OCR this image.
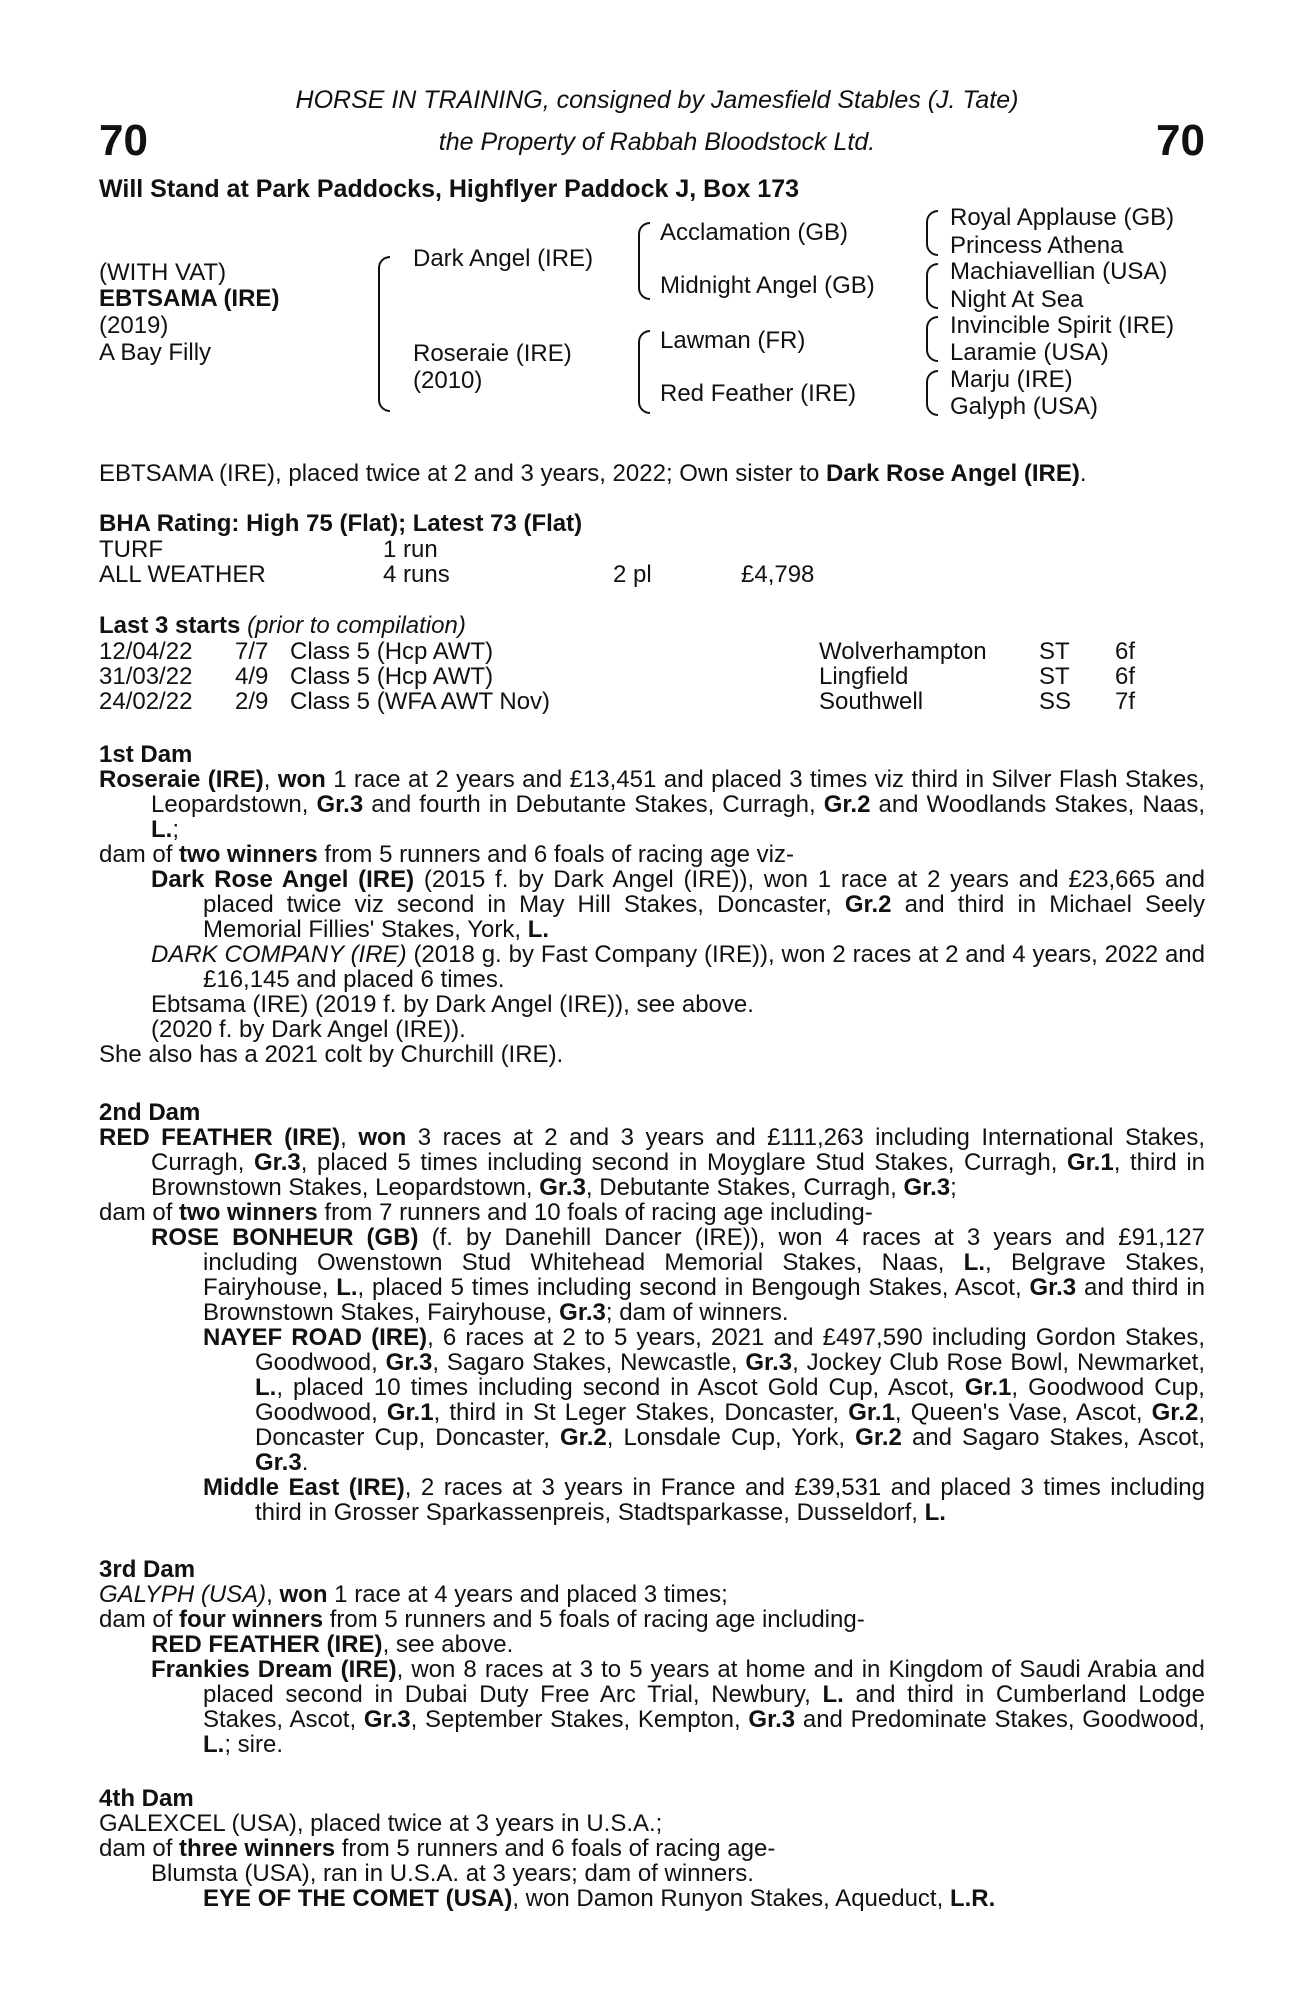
70	70
HORSE IN TRAINING, consigned by Jamesfield Stables (J. Tate)
the Property of Rabbah Bloodstock Ltd.
Will Stand at Park Paddocks, Highflyer Paddock J, Box 173
(WITH VAT)
EBTSAMA (IRE)
(2019)
A Bay Filly
Dark Angel (IRE)
Roseraie (IRE)
(2010)
Acclamation (GB)
Midnight Angel (GB)
Lawman (FR)
Red Feather (IRE)
Royal Applause (GB)
Princess Athena
Machiavellian (USA)
Night At Sea
Invincible Spirit (IRE)
Laramie (USA)
Marju (IRE)
Galyph (USA)
EBTSAMA (IRE), placed twice at 2 and 3 years, 2022; Own sister to Dark Rose Angel (IRE).
BHA Rating: High 75 (Flat); Latest 73 (Flat)
TURF	1 run
ALL WEATHER	4 runs	2 pl	£4,798
Last 3 starts (prior to compilation)
12/04/22 7/7 Class 5 (Hcp AWT)	Wolverhampton ST 6f
31/03/22 4/9 Class 5 (Hcp AWT)	Lingfield	ST 6f
24/02/22 2/9 Class 5 (WFA AWT Nov)	Southwell	SS 7f

1st Dam

Roseraie (IRE), won 1 race at 2 years and £13,451 and placed 3 times viz third in Silver Flash Stakes, Leopardstown, Gr.3 and fourth in Debutante Stakes, Curragh, Gr.2 and Woodlands Stakes, Naas, L.;

dam of two winners from 5 runners and 6 foals of racing age viz-

Dark Rose Angel (IRE) (2015 f. by Dark Angel (IRE)), won 1 race at 2 years and £23,665 and placed twice viz second in May Hill Stakes, Doncaster, Gr.2 and third in Michael Seely Memorial Fillies' Stakes, York, L.

DARK COMPANY (IRE) (2018 g. by Fast Company (IRE)), won 2 races at 2 and 4 years, 2022 and £16,145 and placed 6 times.

Ebtsama (IRE) (2019 f. by Dark Angel (IRE)), see above.

(2020 f. by Dark Angel (IRE)).

She also has a 2021 colt by Churchill (IRE).

2nd Dam

RED FEATHER (IRE), won 3 races at 2 and 3 years and £111,263 including International Stakes, Curragh, Gr.3, placed 5 times including second in Moyglare Stud Stakes, Curragh, Gr.1, third in Brownstown Stakes, Leopardstown, Gr.3, Debutante Stakes, Curragh, Gr.3;

dam of two winners from 7 runners and 10 foals of racing age including-

ROSE BONHEUR (GB) (f. by Danehill Dancer (IRE)), won 4 races at 3 years and £91,127 including Owenstown Stud Whitehead Memorial Stakes, Naas, L., Belgrave Stakes, Fairyhouse, L., placed 5 times including second in Bengough Stakes, Ascot, Gr.3 and third in Brownstown Stakes, Fairyhouse, Gr.3; dam of winners.

NAYEF ROAD (IRE), 6 races at 2 to 5 years, 2021 and £497,590 including Gordon Stakes, Goodwood, Gr.3, Sagaro Stakes, Newcastle, Gr.3, Jockey Club Rose Bowl, Newmarket, L., placed 10 times including second in Ascot Gold Cup, Ascot, Gr.1, Goodwood Cup, Goodwood, Gr.1, third in St Leger Stakes, Doncaster, Gr.1, Queen's Vase, Ascot, Gr.2, Doncaster Cup, Doncaster, Gr.2, Lonsdale Cup, York, Gr.2 and Sagaro Stakes, Ascot, Gr.3.

Middle East (IRE), 2 races at 3 years in France and £39,531 and placed 3 times including third in Grosser Sparkassenpreis, Stadtsparkasse, Dusseldorf, L.

3rd Dam

GALYPH (USA), won 1 race at 4 years and placed 3 times;

dam of four winners from 5 runners and 5 foals of racing age including-

RED FEATHER (IRE), see above.

Frankies Dream (IRE), won 8 races at 3 to 5 years at home and in Kingdom of Saudi Arabia and placed second in Dubai Duty Free Arc Trial, Newbury, L. and third in Cumberland Lodge Stakes, Ascot, Gr.3, September Stakes, Kempton, Gr.3 and Predominate Stakes, Goodwood, L.; sire.

4th Dam

GALEXCEL (USA), placed twice at 3 years in U.S.A.;

dam of three winners from 5 runners and 6 foals of racing age-

Blumsta (USA), ran in U.S.A. at 3 years; dam of winners.

EYE OF THE COMET (USA), won Damon Runyon Stakes, Aqueduct, L.R.
